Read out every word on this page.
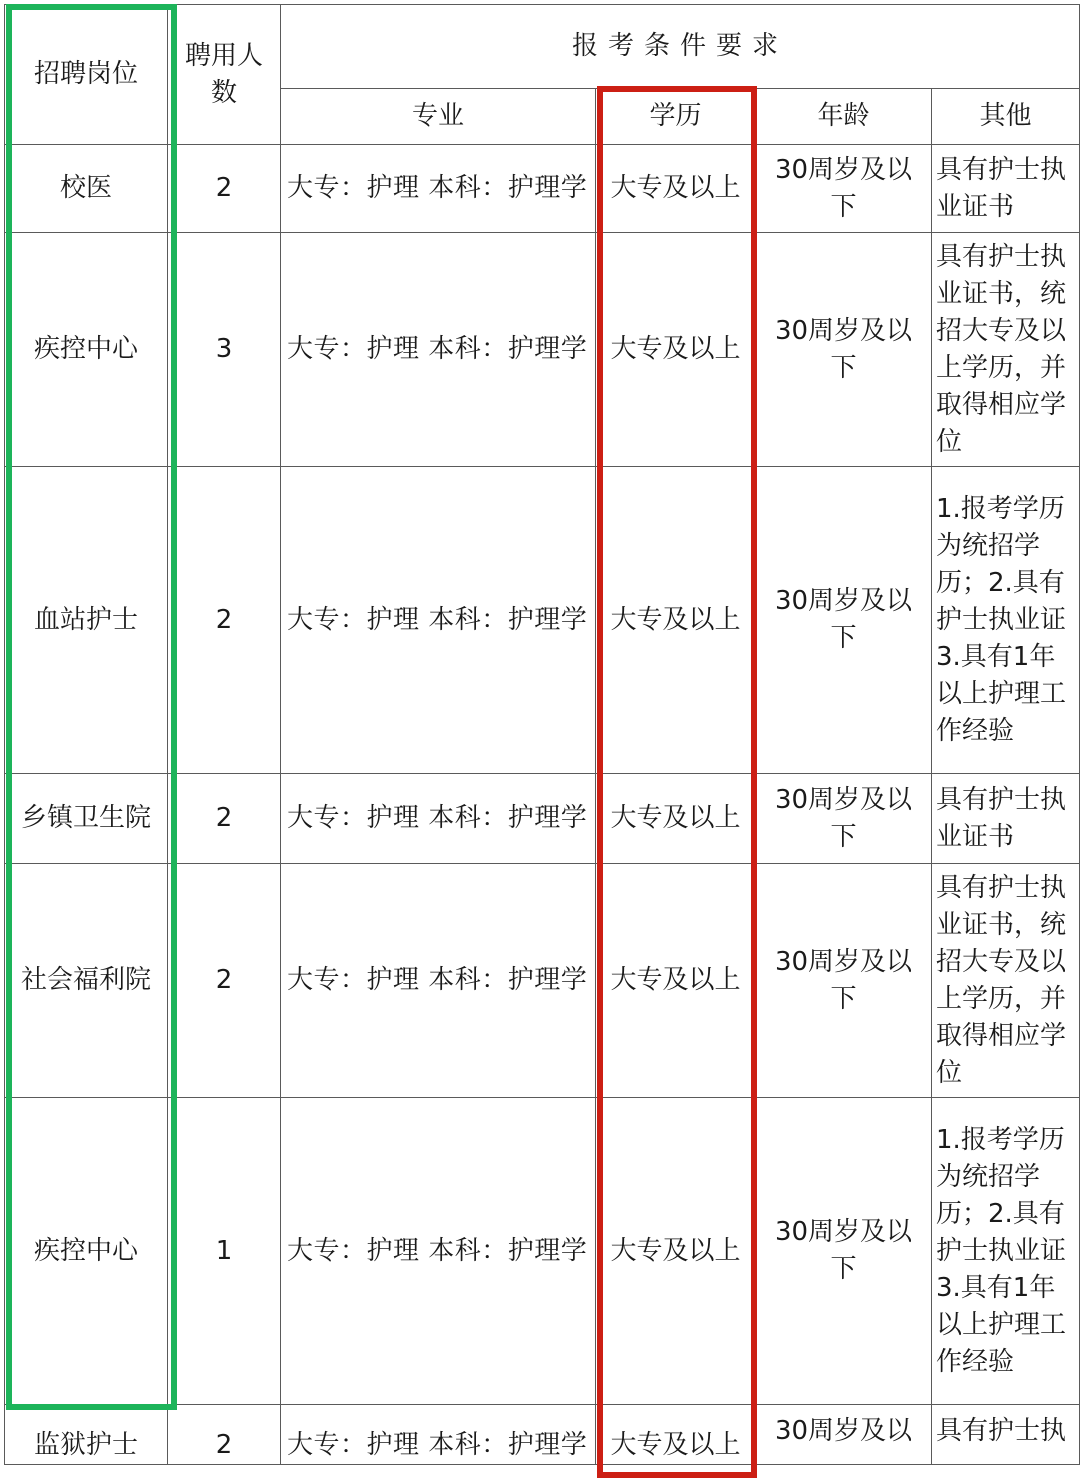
招聘岗位	聘用人数	报考条件要求			
		专业	学历	年龄	其他
校医	2	大专：护理 本科：护理学	大专及以上	30周岁及以下	具有护士执业证书
疾控中心	3	大专：护理 本科：护理学	大专及以上	30周岁及以下	具有护士执业证书，统招大专及以上学历，并取得相应学位
血站护士	2	大专：护理 本科：护理学	大专及以上	30周岁及以下	1.报考学历为统招学历；2.具有护士执业证3.具有1年以上护理工作经验
乡镇卫生院	2	大专：护理 本科：护理学	大专及以上	30周岁及以下	具有护士执业证书
社会福利院	2	大专：护理 本科：护理学	大专及以上	30周岁及以下	具有护士执业证书，统招大专及以上学历，并取得相应学位
疾控中心	1	大专：护理 本科：护理学	大专及以上	30周岁及以下	1.报考学历为统招学历；2.具有护士执业证3.具有1年以上护理工作经验
监狱护士	2	大专：护理 本科：护理学	大专及以上	30周岁及以	具有护士执
